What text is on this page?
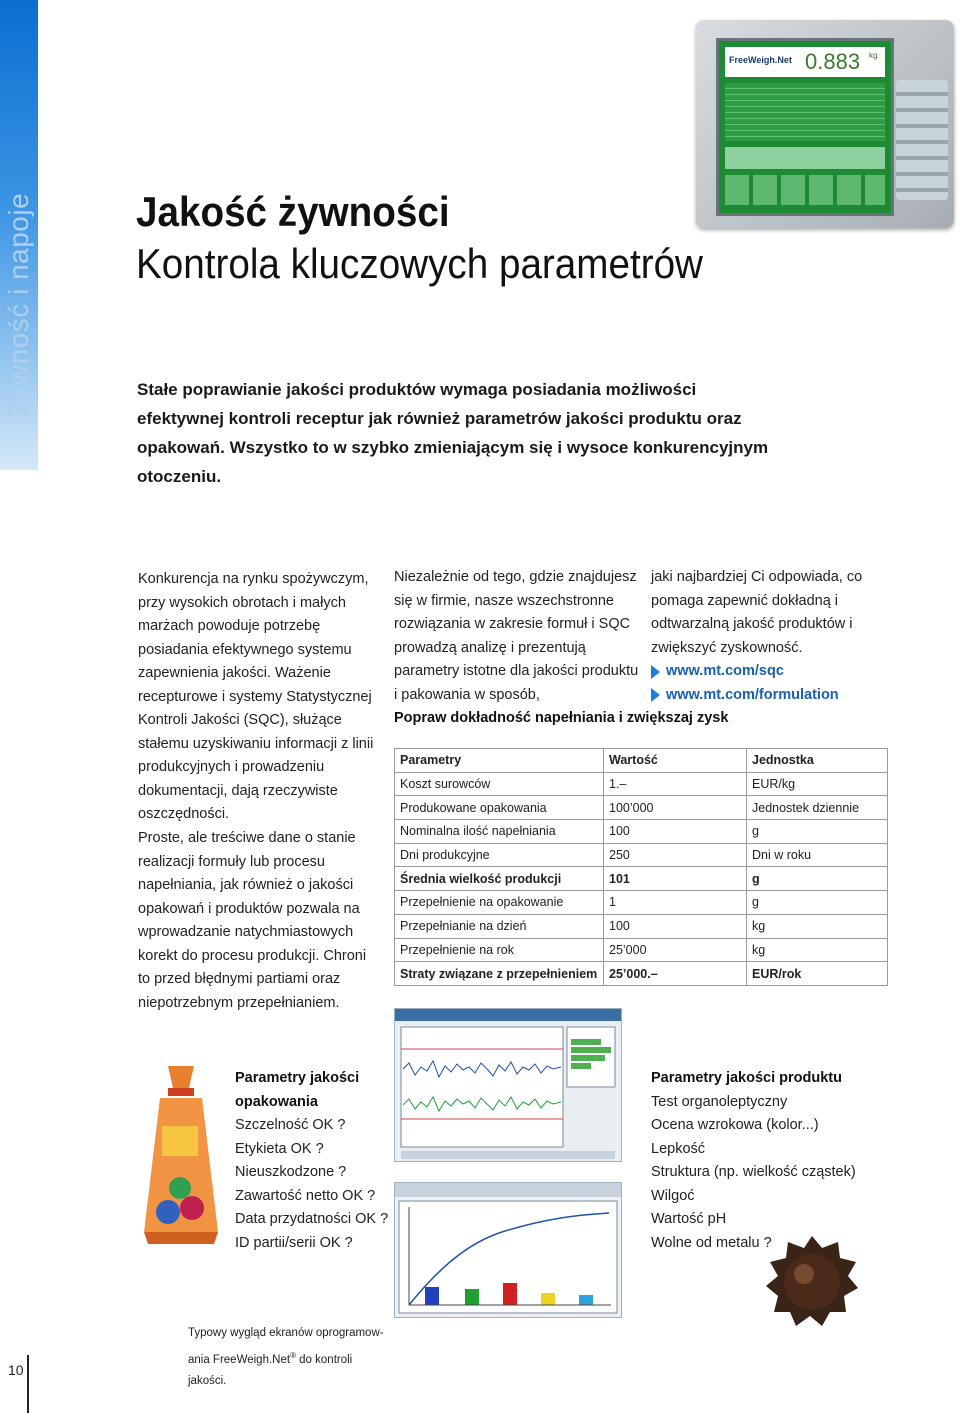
Żywność i napoje
FreeWeigh.Net 0.883 kg
Jakość żywności
Kontrola kluczowych parametrów
Stałe poprawianie jakości produktów wymaga posiadania możliwości efektywnej kontroli receptur jak również parametrów jakości produktu oraz opakowań. Wszystko to w szybko zmieniającym się i wysoce konkurencyjnym otoczeniu.
Konkurencja na rynku spożywczym, przy wysokich obrotach i małych marżach powoduje potrzebę posiadania efektywnego systemu zapewnienia jakości. Ważenie recepturowe i systemy Statystycznej Kontroli Jakości (SQC), służące stałemu uzyskiwaniu informacji z linii produkcyjnych i prowadzeniu dokumentacji, dają rzeczywiste oszczędności.
Proste, ale treściwe dane o stanie realizacji formuły lub procesu napełniania, jak również o jakości opakowań i produktów pozwala na wprowadzanie natychmiastowych korekt do procesu produkcji. Chroni to przed błędnymi partiami oraz niepotrzebnym przepełnianiem.
Niezależnie od tego, gdzie znajdujesz się w firmie, nasze wszechstronne rozwiązania w zakresie formuł i SQC prowadzą analizę i prezentują parametry istotne dla jakości produktu i pakowania w sposób,
jaki najbardziej Ci odpowiada, co pomaga zapewnić dokładną i odtwarzalną jakość produktów i zwiększyć zyskowność.
www.mt.com/sqc
www.mt.com/formulation
Popraw dokładność napełniania i zwiększaj zysk
Parametry	Wartość	Jednostka
Koszt surowców	1.–	EUR/kg
Produkowane opakowania	100’000	Jednostek dziennie
Nominalna ilość napełniania	100	g
Dni produkcyjne	250	Dni w roku
Średnia wielkość produkcji	101	g
Przepełnienie na opakowanie	1	g
Przepełnianie na dzień	100	kg
Przepełnienie na rok	25’000	kg
Straty związane z przepełnieniem	25’000.–	EUR/rok
Parametry jakości
opakowania
Szczelność OK ?
Etykieta OK ?
Nieuszkodzone ?
Zawartość netto OK ?
Data przydatności OK ?
ID partii/serii OK ?
Parametry jakości produktu
Test organoleptyczny
Ocena wzrokowa (kolor...)
Lepkość
Struktura (np. wielkość cząstek)
Wilgoć
Wartość pH
Wolne od metalu ?
Typowy wygląd ekranów oprogramowania FreeWeigh.Net® do kontroli jakości.
10
